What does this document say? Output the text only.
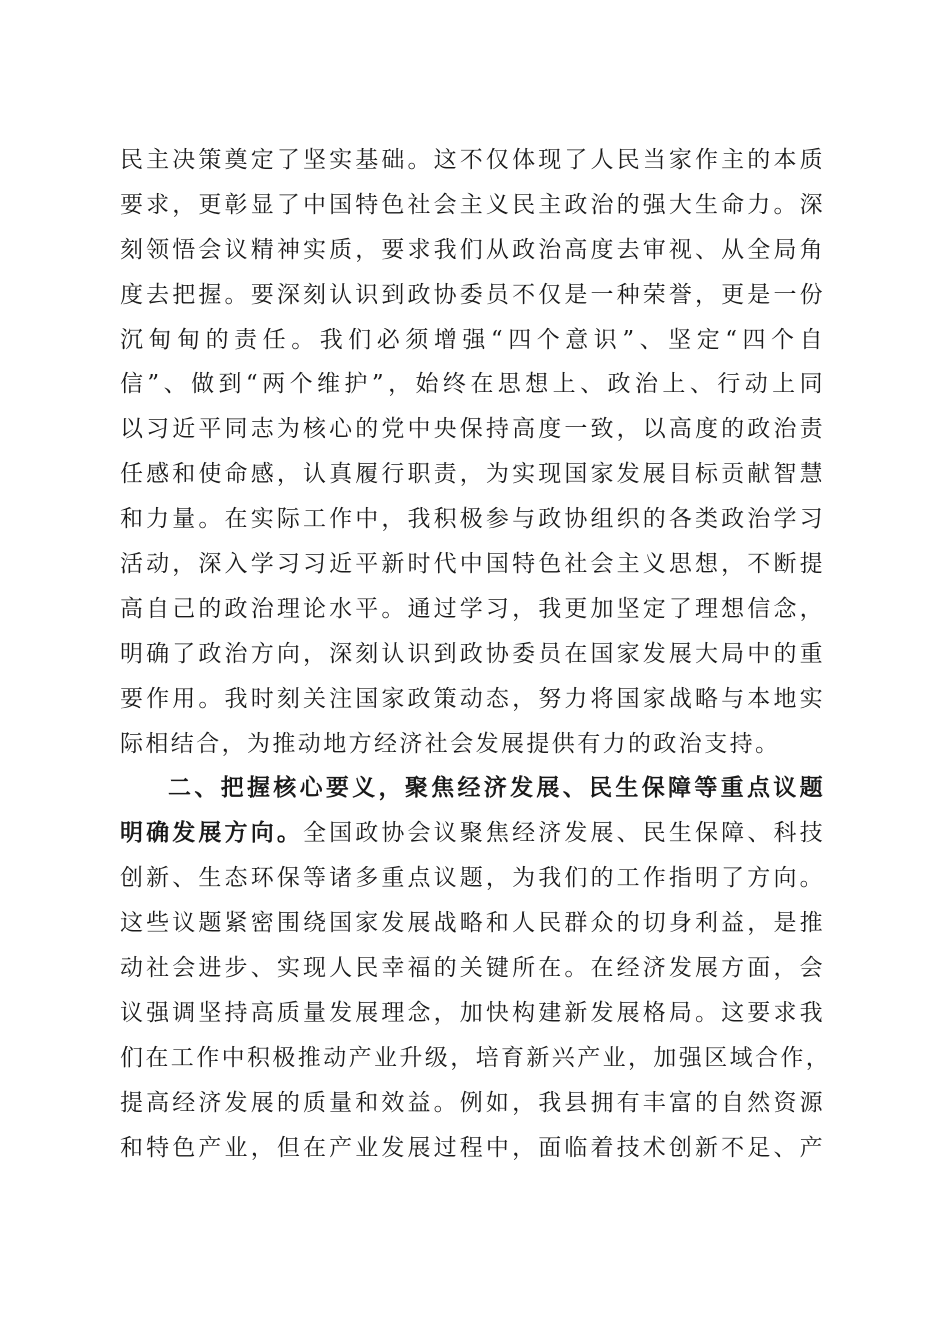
民主决策奠定了坚实基础。这不仅体现了人民当家作主的本质
要求，更彰显了中国特色社会主义民主政治的强大生命力。深
刻领悟会议精神实质，要求我们从政治高度去审视、从全局角
度去把握。要深刻认识到政协委员不仅是一种荣誉，更是一份
沉甸甸的责任。我们必须增强“四个意识”、坚定“四个自
信”、做到“两个维护”，始终在思想上、政治上、行动上同
以习近平同志为核心的党中央保持高度一致，以高度的政治责
任感和使命感，认真履行职责，为实现国家发展目标贡献智慧
和力量。在实际工作中，我积极参与政协组织的各类政治学习
活动，深入学习习近平新时代中国特色社会主义思想，不断提
高自己的政治理论水平。通过学习，我更加坚定了理想信念，
明确了政治方向，深刻认识到政协委员在国家发展大局中的重
要作用。我时刻关注国家政策动态，努力将国家战略与本地实
际相结合，为推动地方经济社会发展提供有力的政治支持。
二、把握核心要义，聚焦经济发展、民生保障等重点议题
明确发展方向。全国政协会议聚焦经济发展、民生保障、科技
创新、生态环保等诸多重点议题，为我们的工作指明了方向。
这些议题紧密围绕国家发展战略和人民群众的切身利益，是推
动社会进步、实现人民幸福的关键所在。在经济发展方面，会
议强调坚持高质量发展理念，加快构建新发展格局。这要求我
们在工作中积极推动产业升级，培育新兴产业，加强区域合作，
提高经济发展的质量和效益。例如，我县拥有丰富的自然资源
和特色产业，但在产业发展过程中，面临着技术创新不足、产
